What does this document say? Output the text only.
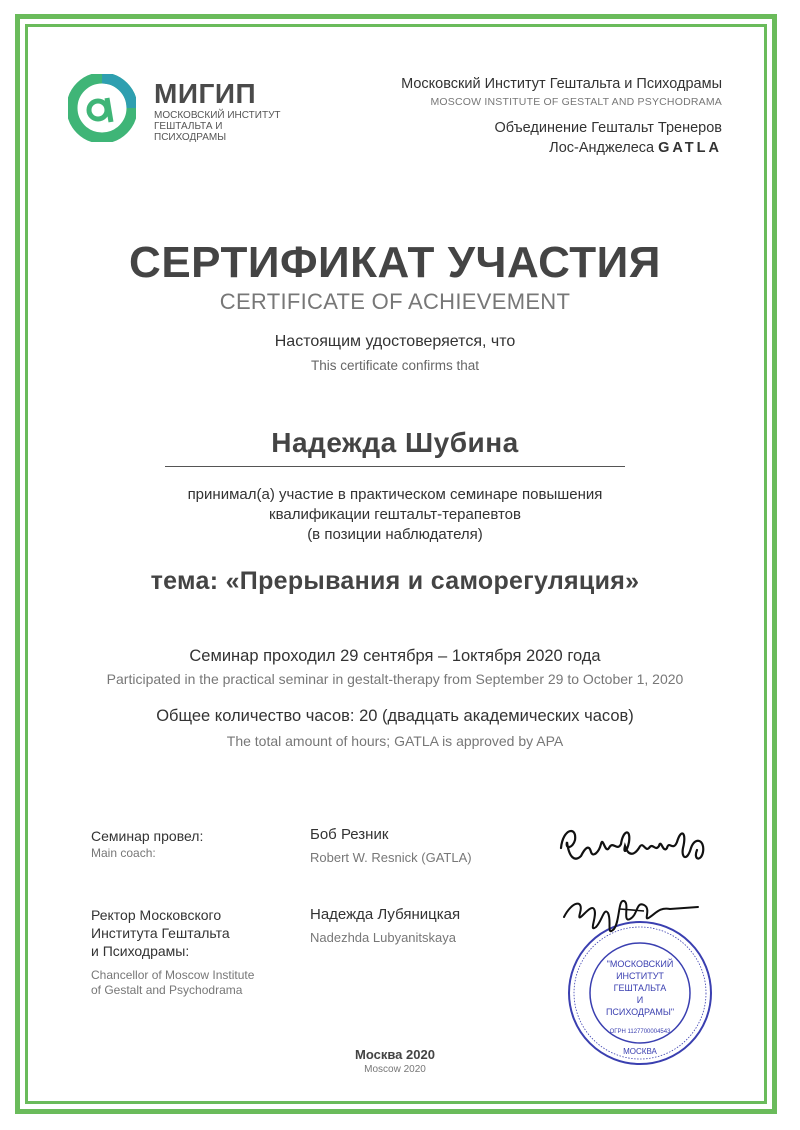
МИГИП
МОСКОВСКИЙ ИНСТИТУТ ГЕШТАЛЬТА И ПСИХОДРАМЫ
Московский Институт Гештальта и Психодрамы
MOSCOW INSTITUTE OF GESTALT AND PSYCHODRAMA
Объединение Гештальт Тренеров
Лос-Анджелеса GATLA
СЕРТИФИКАТ УЧАСТИЯ
CERTIFICATE OF ACHIEVEMENT
Настоящим удостоверяется, что
This certificate confirms that
Надежда Шубина
принимал(а) участие в практическом семинаре повышения
квалификации гештальт-терапевтов
(в позиции наблюдателя)
тема: «Прерывания и саморегуляция»
Семинар проходил 29 сентября – 1октября 2020 года
Participated in the practical seminar in gestalt-therapy from September 29 to October 1, 2020
Общее количество часов: 20 (двадцать академических часов)
The total amount of hours; GATLA is approved by APA
Семинар провел:
Main coach:
Боб Резник
Robert W. Resnick (GATLA)
Ректор Московского
Института Гештальта
и Психодрамы:
Chancellor of Moscow Institute
of Gestalt and Psychodrama
Надежда Лубяницкая
Nadezhda Lubyanitskaya
"МОСКОВСКИЙ
ИНСТИТУТ
ГЕШТАЛЬТА
И
ПСИХОДРАМЫ"
ОГРН 1127700004543
МОСКВА
Москва 2020
Moscow 2020
